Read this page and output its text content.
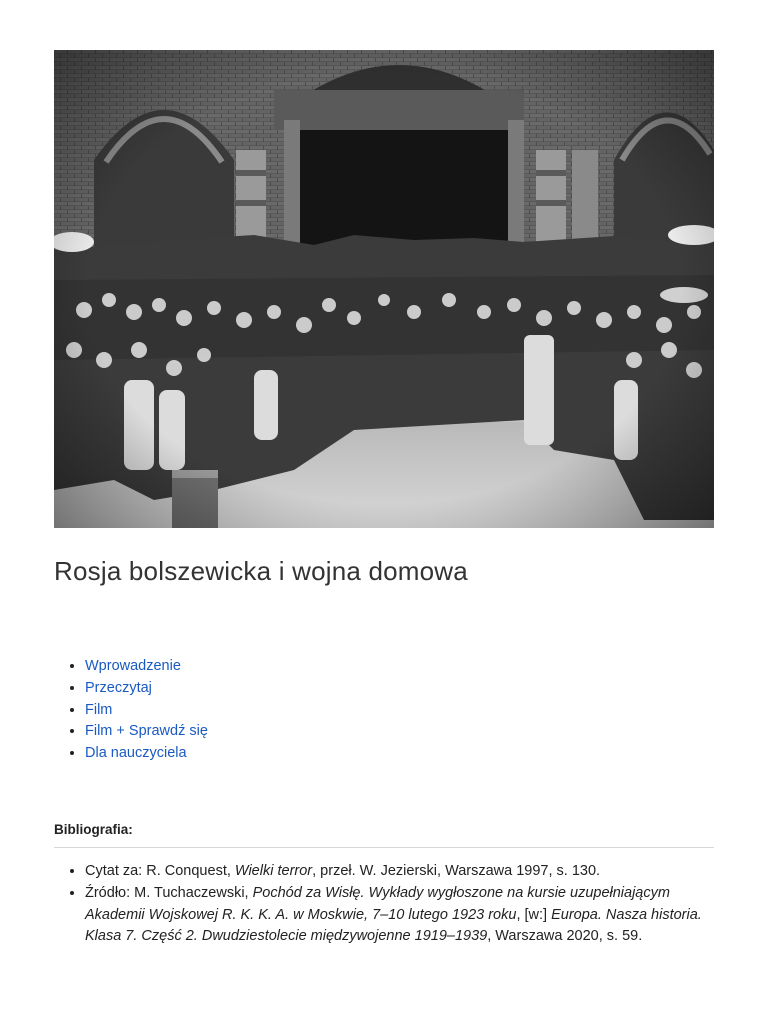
Rosja bolszewicka i wojna domowa
• Wprowadzenie
• Przeczytaj
• Film
• Film + Sprawdź się
• Dla nauczyciela
Bibliografia:
• Cytat za: R. Conquest, Wielki terror, przeł. W. Jezierski, Warszawa 1997, s. 130.
• Źródło: M. Tuchaczewski, Pochód za Wisłę. Wykłady wygłoszone na kursie uzupełniającym Akademii Wojskowej R. K. K. A. w Moskwie, 7–10 lutego 1923 roku, [w:] Europa. Nasza historia. Klasa 7. Część 2. Dwudziestolecie międzywojenne 1919–1939, Warszawa 2020, s. 59.
